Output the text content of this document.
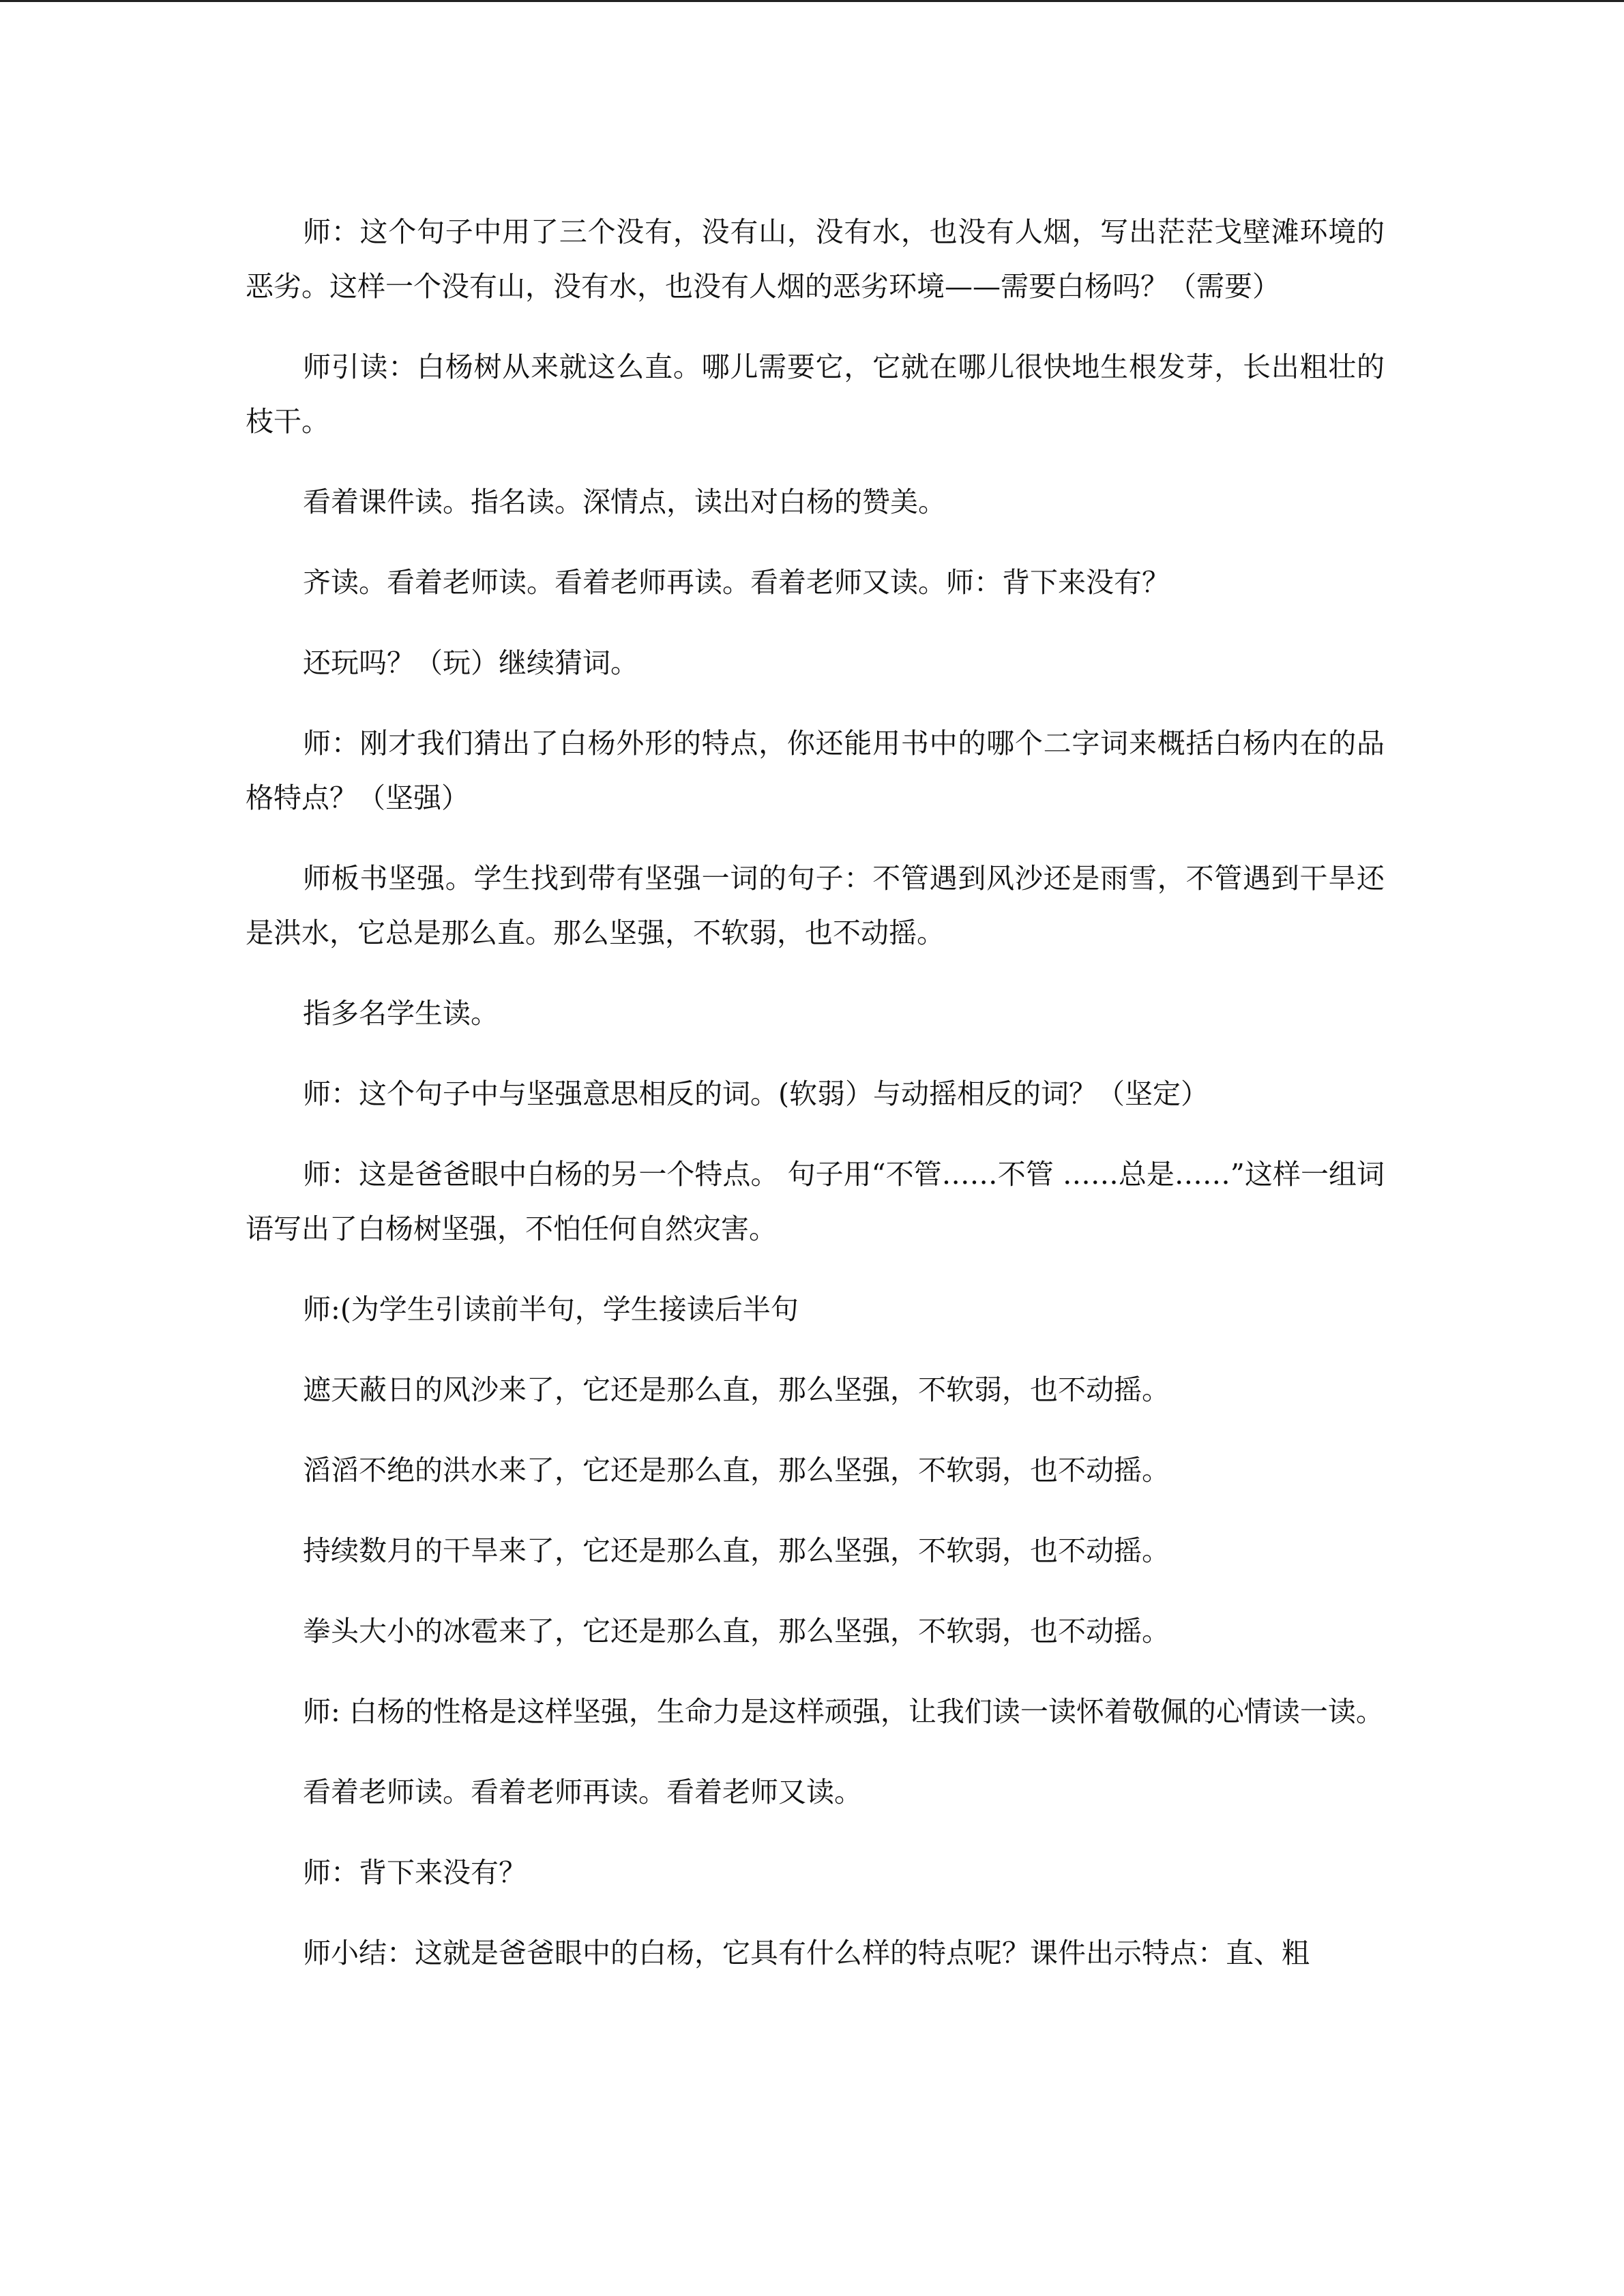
师：这个句子中用了三个没有，没有山，没有水，也没有人烟，写出茫茫戈壁滩环境的恶劣。这样一个没有山，没有水，也没有人烟的恶劣环境——需要白杨吗？（需要）

师引读：白杨树从来就这么直。哪儿需要它，它就在哪儿很快地生根发芽，长出粗壮的枝干。

看着课件读。指名读。深情点，读出对白杨的赞美。

齐读。看着老师读。看着老师再读。看着老师又读。师：背下来没有？

还玩吗？（玩）继续猜词。

师：刚才我们猜出了白杨外形的特点，你还能用书中的哪个二字词来概括白杨内在的品格特点？（坚强）

师板书坚强。学生找到带有坚强一词的句子：不管遇到风沙还是雨雪，不管遇到干旱还是洪水，它总是那么直。那么坚强，不软弱，也不动摇。

指多名学生读。

师：这个句子中与坚强意思相反的词。(软弱）与动摇相反的词？（坚定）

师：这是爸爸眼中白杨的另一个特点。 句子用“不管……不管 ……总是……”这样一组词语写出了白杨树坚强，不怕任何自然灾害。

师:(为学生引读前半句，学生接读后半句

遮天蔽日的风沙来了，它还是那么直，那么坚强，不软弱，也不动摇。

滔滔不绝的洪水来了，它还是那么直，那么坚强，不软弱，也不动摇。

持续数月的干旱来了，它还是那么直，那么坚强，不软弱，也不动摇。

拳头大小的冰雹来了，它还是那么直，那么坚强，不软弱，也不动摇。

师: 白杨的性格是这样坚强，生命力是这样顽强，让我们读一读怀着敬佩的心情读一读。

看着老师读。看着老师再读。看着老师又读。

师：背下来没有？

师小结：这就是爸爸眼中的白杨，它具有什么样的特点呢？课件出示特点：直、粗
